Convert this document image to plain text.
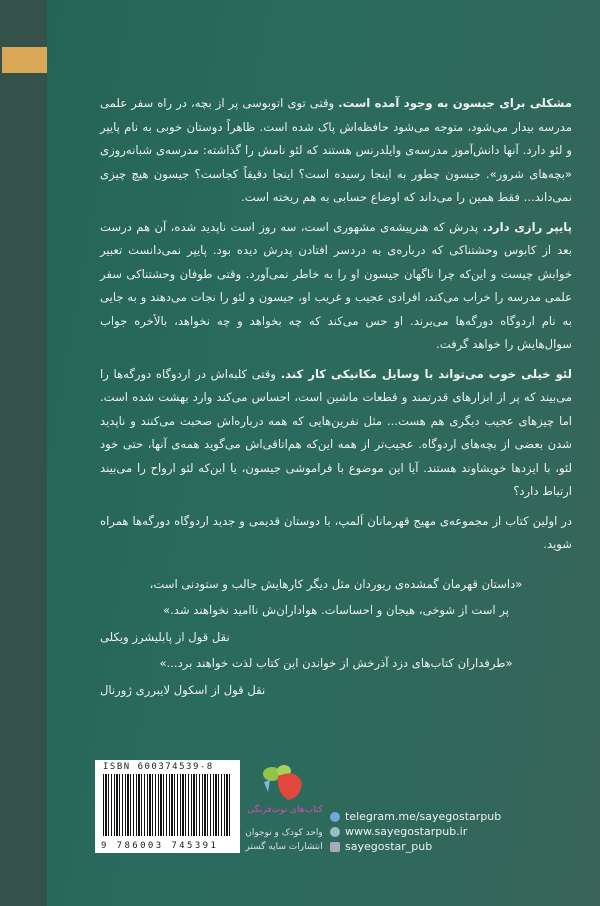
مشکلی برای جیسون به وجود آمده است. وقتی توی اتوبوسی پر از بچه، در راه سفر علمی مدرسه بیدار می‌شود، متوجه می‌شود حافظه‌اش پاک شده است. ظاهراً دوستان خوبی به نام پایپر و لئو دارد. آنها دانش‌آموز مدرسه‌ی وایلدرنس هستند که لئو نامش را گذاشته: مدرسه‌ی شبانه‌روزی «بچه‌های شرور». جیسون چطور به اینجا رسیده است؟ اینجا دقیقاً کجاست؟ جیسون هیچ چیزی نمی‌داند... فقط همین را می‌داند که اوضاع حسابی به هم ریخته است.

پایپر رازی دارد. پدرش که هنرپیشه‌ی مشهوری است، سه روز است ناپدید شده، آن هم درست بعد از کابوس وحشتناکی که درباره‌ی به دردسر افتادن پدرش دیده بود. پایپر نمی‌دانست تعبیر خوابش چیست و این‌که چرا ناگهان جیسون او را به خاطر نمی‌آورد. وقتی طوفان وحشتناکی سفر علمی مدرسه را خراب می‌کند، افرادی عجیب و غریب او، جیسون و لئو را نجات می‌دهند و به جایی به نام اردوگاه دورگه‌ها می‌برند. او حس می‌کند که چه بخواهد و چه نخواهد، بالأخره جواب سوال‌هایش را خواهد گرفت.

لئو خیلی خوب می‌تواند با وسایل مکانیکی کار کند. وقتی کلبه‌اش در اردوگاه دورگه‌ها را می‌بیند که پر از ابزارهای قدرتمند و قطعات ماشین است، احساس می‌کند وارد بهشت شده است. اما چیزهای عجیب دیگری هم هست... مثل نفرین‌هایی که همه درباره‌اش صحبت می‌کنند و ناپدید شدن بعضی از بچه‌های اردوگاه. عجیب‌تر از همه این‌که هم‌اتاقی‌اش می‌گوید همه‌ی آنها، حتی خود لئو، با ایزدها خویشاوند هستند. آیا این موضوع با فراموشی جیسون، یا این‌که لئو ارواح را می‌بیند ارتباط دارد؟

در اولین کتاب از مجموعه‌ی مهیج قهرمانان اَلمپ، با دوستان قدیمی و جدید اردوگاه دورگه‌ها همراه شوید.

«داستان قهرمان گمشده‌ی ریوردان مثل دیگر کارهایش جالب و ستودنی است،
پر است از شوخی، هیجان و احساسات. هواداران‌ش ناامید نخواهند شد.»
نقل قول از پابلیشرز ویکلی
«طرفداران کتاب‌های دزد آذرخش از خواندن این کتاب لذت خواهند برد...»
نقل قول از اسکول لایبرری ژورنال
ISBN 600374539-8
9 786003 745391
کتاب‌های توت‌فرنگی
واحد کودک و نوجوان
انتشارات سایه گستر
telegram.me/sayegostarpub
www.sayegostarpub.ir
sayegostar_pub
